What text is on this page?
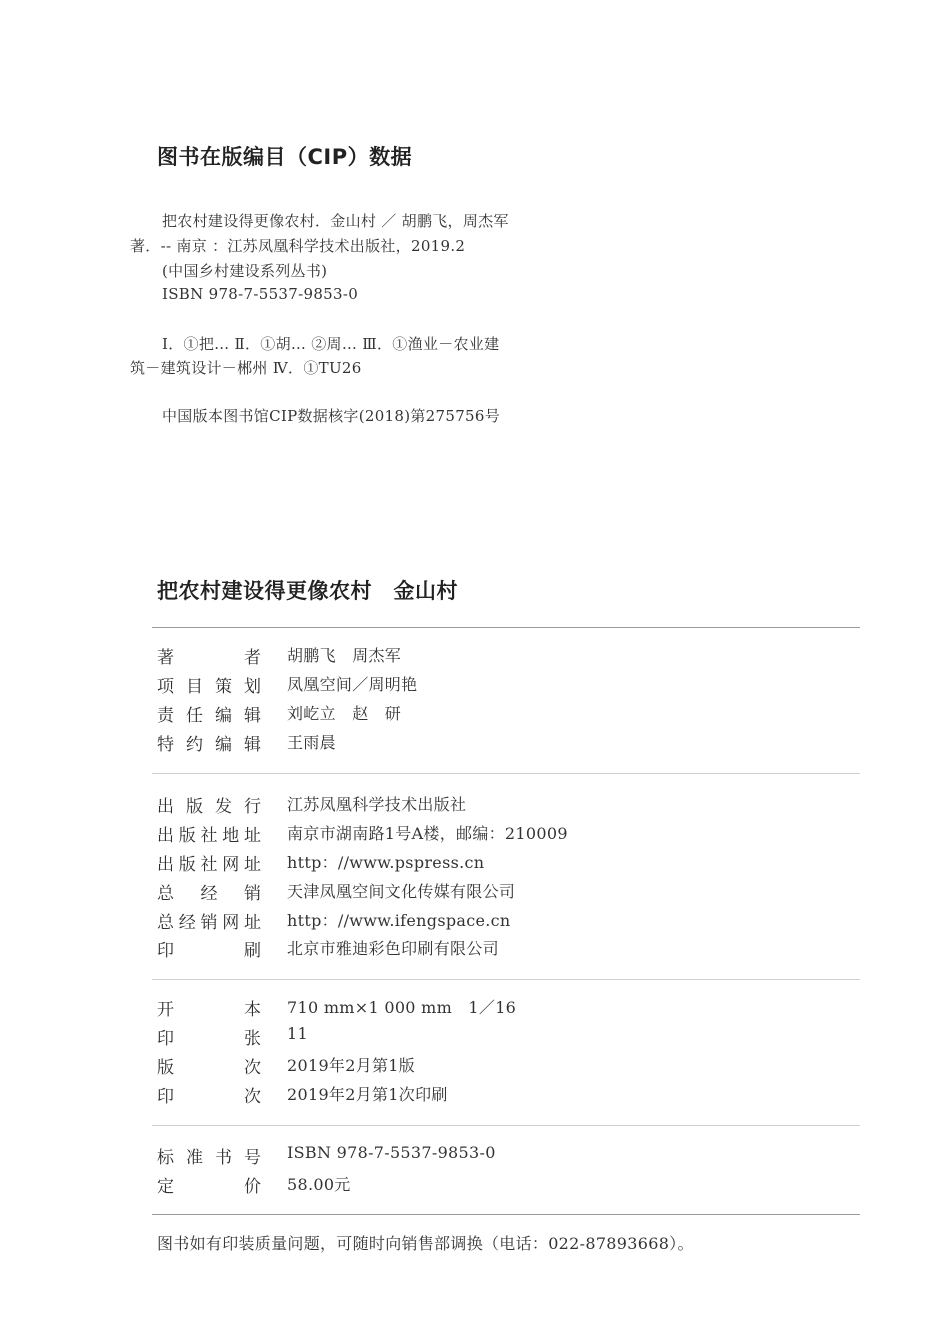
图书在版编目（CIP）数据
把农村建设得更像农村．金山村 ／ 胡鹏飞，周杰军
著．-- 南京 ：江苏凤凰科学技术出版社，2019.2
(中国乡村建设系列丛书)
ISBN 978-7-5537-9853-0
Ⅰ．①把… Ⅱ．①胡… ②周… Ⅲ．①渔业－农业建
筑－建筑设计－郴州 Ⅳ．①TU26
中国版本图书馆CIP数据核字(2018)第275756号
把农村建设得更像农村　金山村
著者 胡鹏飞　周杰军
项目策划 凤凰空间／周明艳
责任编辑 刘屹立　赵　研
特约编辑 王雨晨
出版发行 江苏凤凰科学技术出版社
出版社地址 南京市湖南路1号A楼，邮编：210009
出版社网址 http：//www.pspress.cn
总经销 天津凤凰空间文化传媒有限公司
总经销网址 http：//www.ifengspace.cn
印刷 北京市雅迪彩色印刷有限公司
开本 710 mm×1 000 mm　1／16
印张 11
版次 2019年2月第1版
印次 2019年2月第1次印刷
标准书号 ISBN 978-7-5537-9853-0
定价 58.00元
图书如有印装质量问题，可随时向销售部调换（电话：022-87893668）。
